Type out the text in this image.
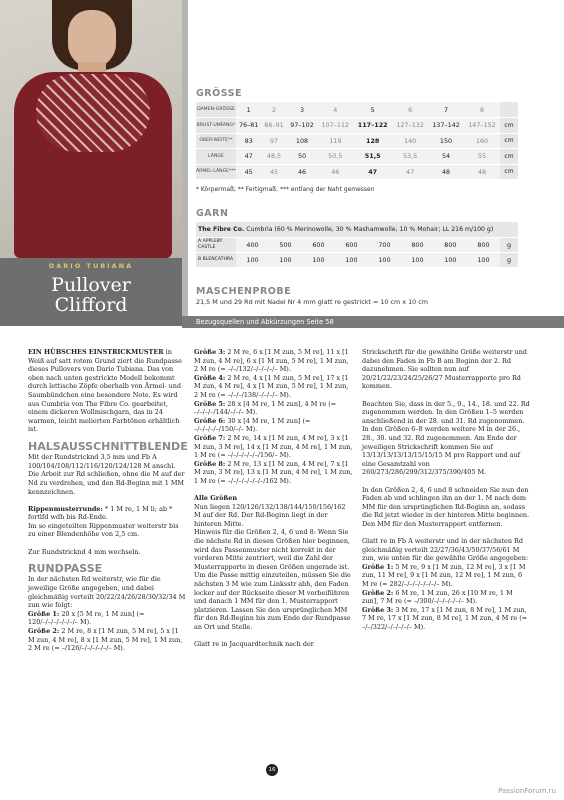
DARIO TUBIANA
Pullover
Clifford
GRÖSSE
DAMEN-GRÖSSE	1	2	3	4	5	6	7	8	
BRUST-UMFANG*	76–81	86–91	97–102	107–112	117–122	127–132	137–142	147–152	cm
OBER-WEITE**	83	97	108	119	128	140	150	160	cm
LÄNGE	47	48,5	50	50,5	51,5	53,5	54	55	cm
ÄRMEL-LÄNGE***	45	45	46	46	47	47	48	48	cm
* Körpermaß; ** Fertigmaß; *** entlang der Naht gemessen
GARN
The Fibre Co. Cumbria (60 % Merinowolle, 30 % Mashamwolle, 10 % Mohair; LL 216 m/100 g)									
A APPLEBY CASTLE	400	500	600	600	700	800	800	800	g
B BLENCATHRA	100	100	100	100	100	100	100	100	g
MASCHENPROBE
21,5 M und 29 Rd mit Nadel Nr 4 mm glatt re gestrickt = 10 cm x 10 cm
Bezugsquellen und Abkürzungen Seite 58

EIN HÜBSCHES EINSTRICKMUSTER in Weiß auf satt rotem Grund ziert die Rundpasse dieses Pullovers von Dario Tubiana. Das von oben nach unten gestrickte Modell bekommt durch lettische Zöpfe oberhalb von Ärmel- und Saumbündchen eine besondere Note. Es wird aus Cumbria von The Fibre Co. gearbeitet, einem dickeren Wollmischgarn, das in 24 warmen, leicht melierten Farbtönen erhältlich ist.

HALSAUSSCHNITTBLENDE

Mit der Rundstricknd 3,5 mm und Fb A 100/104/108/112/116/120/124/128 M anschl. Die Arbeit zur Rd schließen, ohne die M auf der Nd zu verdrehen, und den Rd-Beginn mit 1 MM kennzeichnen.

Rippenmusterrunde: * 1 M re, 1 M li; ab * fortlfd wdh bis Rd-Ende.
Im so eingeteilten Rippenmuster weiterstr bis zu einer Blendenhöhe von 2,5 cm.

Zur Rundstricknd 4 mm wechseln.

RUNDPASSE

In der nächsten Rd weiterstr, wie für die jeweilige Größe angegeben, und dabei gleichmäßig verteilt 20/22/24/26/28/30/32/34 M zun wie folgt:

Größe 1: 20 x [5 M re, 1 M zun] (= 120/–/–/–/–/–/–/– M).
Größe 2: 2 M re, 8 x [1 M zun, 5 M re], 5 x [1 M zun, 4 M re], 8 x [1 M zun, 5 M re], 1 M zun, 2 M re (= –/126/–/–/–/–/–/– M).
Größe 3: 2 M re, 6 x [1 M zun, 5 M re], 11 x [1 M zun, 4 M re], 6 x [1 M zun, 5 M re], 1 M zun, 2 M re (= –/–/132/–/–/–/–/– M).
Größe 4: 2 M re, 4 x [1 M zun, 5 M re], 17 x [1 M zun, 4 M re], 4 x [1 M zun, 5 M re], 1 M zun, 2 M re (= –/–/–/138/–/–/–/– M).
Größe 5: 28 x [4 M re, 1 M zun], 4 M re (= –/–/–/–/144/–/–/– M).
Größe 6: 30 x [4 M re, 1 M zun] (= –/–/–/–/–/150/–/– M).
Größe 7: 2 M re, 14 x [1 M zun, 4 M re], 3 x [1 M zun, 3 M re], 14 x [1 M zun, 4 M re], 1 M zun, 1 M re (= –/–/–/–/–/–/156/– M).

Größe 8: 2 M re, 13 x [1 M zun, 4 M re], 7 x [1 M zun, 3 M re], 13 x [1 M zun, 4 M re], 1 M zun, 1 M re (= –/–/–/–/–/–/–/162 M).

Alle Größen
Nun liegen 120/126/132/138/144/150/156/162 M auf der Rd. Der Rd-Beginn liegt in der hinteren Mitte.

Hinweis für die Größen 2, 4, 6 und 8: Wenn Sie die nächste Rd in diesen Größen hier beginnen, wird das Passenmuster nicht korrekt in der vorderen Mitte zentriert, weil die Zahl der Musterrapporte in diesen Größen ungerade ist. Um die Passe mittig einzuteilen, müssen Sie die nächsten 3 M wie zum Linksstr abh, den Faden locker auf der Rückseite dieser M vorbeiführen und danach 1 MM für den 1. Musterrapport platzieren. Lassen Sie den ursprünglichen MM für den Rd-Beginn bis zum Ende der Rundpasse an Ort und Stelle.

Glatt re in Jacquardtechnik nach der

Strickschrift für die gewählte Größe weiterstr und dabei den Faden in Fb B am Beginn der 2. Rd dazunehmen. Sie sollten nun auf 20/21/22/23/24/25/26/27 Musterrapporte pro Rd kommen.

Beachten Sie, dass in der 5., 9., 14., 18. und 22. Rd zugenommen werden. In den Größen 1–5 werden anschließend in der 28. und 31. Rd zugenommen. In den Größen 6–8 werden weitere M in der 26., 28., 30. und 32. Rd zugenommen. Am Ende der jeweiligen Strickschrift kommen Sie auf 13/13/13/13/13/15/15/15 M pro Rapport und auf eine Gesamtzahl von 260/273/286/299/312/375/390/405 M.

In den Größen 2, 4, 6 und 8 schneiden Sie nun den Faden ab und schlingen ihn an der 1. M nach dem MM für den ursprünglichen Rd-Beginn an, sodass die Rd jetzt wieder in der hinteren Mitte beginnen. Den MM für den Musterrapport entfernen.

Glatt re in Fb A weiterstr und in der nächsten Rd gleichmäßig verteilt 22/27/36/43/50/37/56/61 M zun, wie unten für die gewählte Größe angegeben:
Größe 1: 5 M re, 9 x [1 M zun, 12 M re], 3 x [1 M zun, 11 M re], 9 x [1 M zun, 12 M re], 1 M zun, 6 M re (= 282/–/–/–/–/–/–/– M).
Größe 2: 6 M re, 1 M zun, 26 x [10 M re, 1 M zun], 7 M re (= –/300/–/–/–/–/–/– M).
Größe 3: 3 M re, 17 x [1 M zun, 8 M re], 1 M zun, 7 M re, 17 x [1 M zun, 8 M re], 1 M zun, 4 M re (= –/–/322/–/–/–/–/– M).
16
PassionForum.ru
